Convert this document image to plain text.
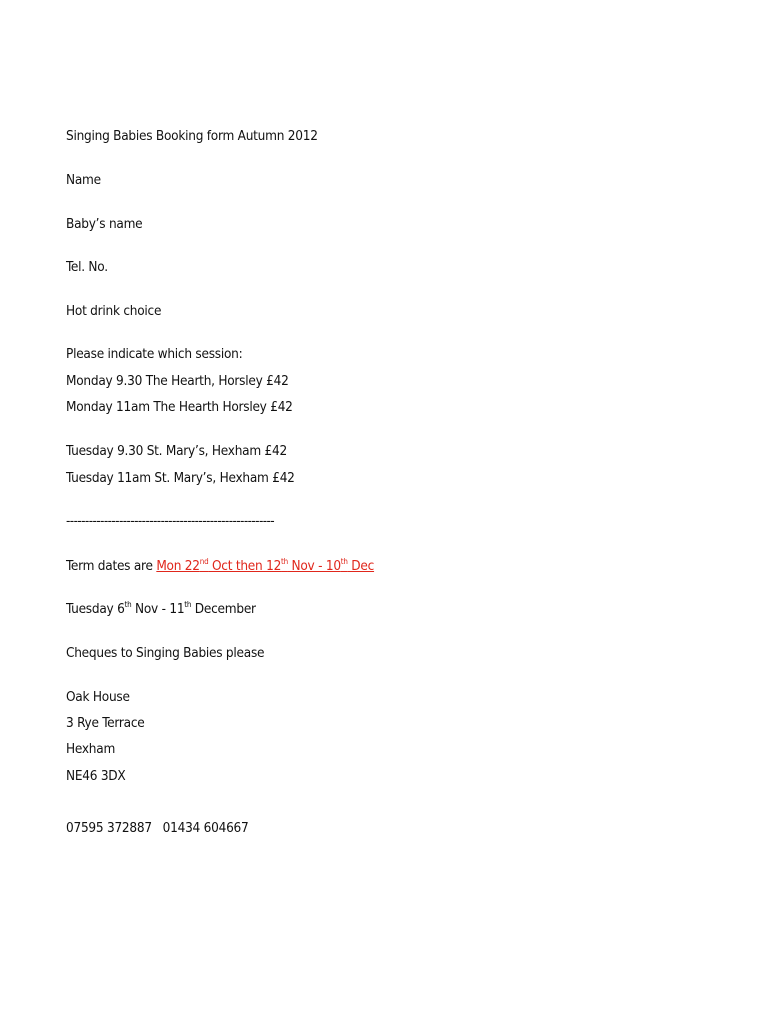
Singing Babies Booking form Autumn 2012

Name

Baby’s name

Tel. No.

Hot drink choice

Please indicate which session:

Monday 9.30 The Hearth, Horsley £42

Monday 11am The Hearth Horsley £42

Tuesday 9.30 St. Mary’s, Hexham £42

Tuesday 11am St. Mary’s, Hexham £42

-------------------------------------------------------

Term dates are Mon 22nd Oct then 12th Nov - 10th Dec

Tuesday 6th Nov - 11th December

Cheques to Singing Babies please

Oak House

3 Rye Terrace

Hexham

NE46 3DX

07595 372887   01434 604667
